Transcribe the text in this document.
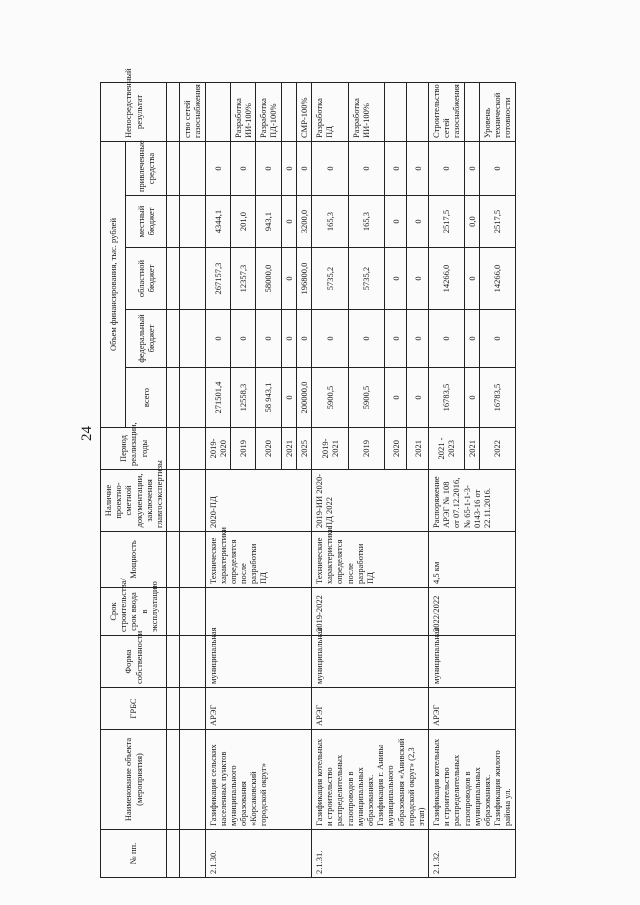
24
№ пп.	Наименование объекта (мероприятия)	ГРБС	Форма собственности	Срок строительства/срок ввода в эксплуатацию	Мощность	Наличие проектно-сметной документации, заключения главгосэкспертизы	Период реализации, годы	Объем финансирования, тыс. рублей					Непосредственный результат
								всего	федеральный бюджет	областной бюджет	местный бюджет	привлеченные средства	

													ство сетей газоснабжения
2.1.30.	Газификация сельских населенных пунктов муниципального образования «Корсаковский городской округ»	АРЭГ	муниципальная		Технические характеристики определятся после разработки ПД	2020-ПД	2019-2020	271501,4	0	267157,3	4344,1	0	
							2019	12558,3	0	12357,3	201,0	0	Разработка ИИ-100%
							2020	58 943,1	0	58000,0	943,1	0	Разработка ПД-100%
							2021	0	0	0	0	0	
							2025	200000,0	0	196800,0	3200,0	0	СМР-100%
2.1.31.	Газификация котельных и строительство распределительных газопроводов в муниципальных образованиях. Газификация г. Анивы муниципального образования «Анивский городской округ» (2,3 этап)	АРЭГ	муниципальная	2019-2022	Технические характеристики определятся после разработки ПД	2019-ИИ 2020-ПД 2022	2019-2021	5900,5	0	5735,2	165,3	0	Разработка ПД
							2019	5900,5	0	5735,2	165,3	0	Разработка ИИ-100%
							2020	0	0	0	0	0	
							2021	0	0	0	0	0	
2.1.32.	Газификация котельных и строительство распределительных газопроводов в муниципальных образованиях. Газификация жилого района ул.	АРЭГ	муниципальная	2022/2022	4,5 км	Распоряжение АРЭГ № 108 от 07.12.2016, № 65-1-1-3-0143-16 от 22.11.2016.	2021 - 2023	16783,5	0	14266,0	2517,5	0	Строительство сетей газоснабжения
							2021	0	0	0	0,0	0	
							2022	16783,5	0	14266,0	2517,5	0	Уровень технической готовности
